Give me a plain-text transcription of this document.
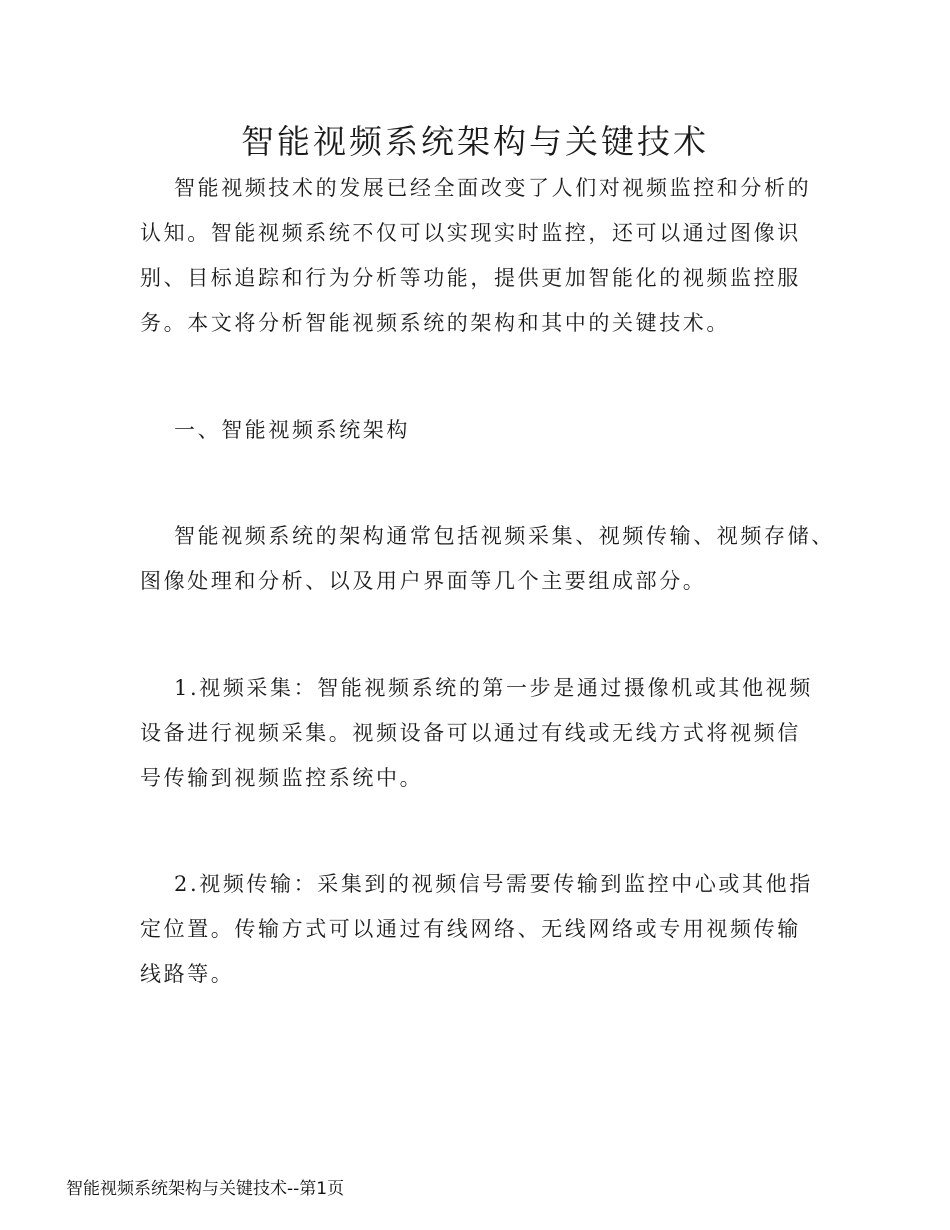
智能视频系统架构与关键技术

智能视频技术的发展已经全面改变了人们对视频监控和分析的认知。智能视频系统不仅可以实现实时监控，还可以通过图像识别、目标追踪和行为分析等功能，提供更加智能化的视频监控服务。本文将分析智能视频系统的架构和其中的关键技术。

一、智能视频系统架构

智能视频系统的架构通常包括视频采集、视频传输、视频存储、图像处理和分析、以及用户界面等几个主要组成部分。

1.视频采集：智能视频系统的第一步是通过摄像机或其他视频设备进行视频采集。视频设备可以通过有线或无线方式将视频信号传输到视频监控系统中。

2.视频传输：采集到的视频信号需要传输到监控中心或其他指定位置。传输方式可以通过有线网络、无线网络或专用视频传输线路等。

智能视频系统架构与关键技术--第1页
